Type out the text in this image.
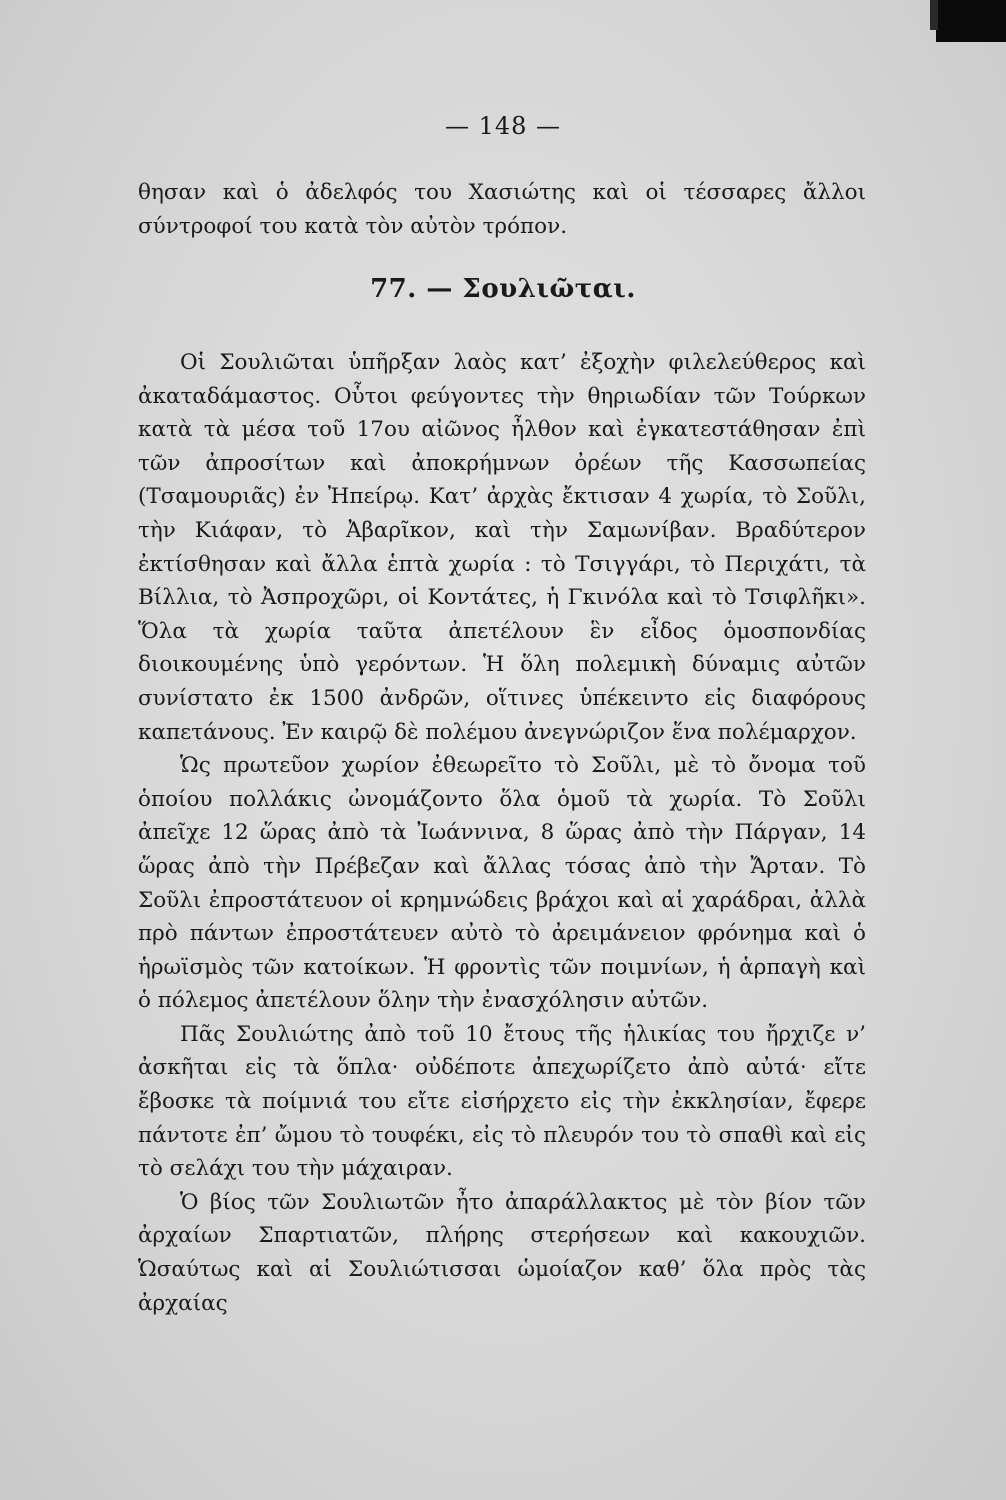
— 148 —

θησαν καὶ ὁ ἀδελφός του Χασιώτης καὶ οἱ τέσσαρες ἄλλοι σύντροφοί του κατὰ τὸν αὐτὸν τρόπον.

77. — Σουλιῶται.

Οἱ Σουλιῶται ὑπῆρξαν λαὸς κατ’ ἐξοχὴν φιλελεύθερος καὶ ἀκαταδάμαστος. Οὗτοι φεύγοντες τὴν θηριωδίαν τῶν Τούρκων κατὰ τὰ μέσα τοῦ 17ου αἰῶνος ἦλθον καὶ ἐγκατεστάθησαν ἐπὶ τῶν ἀπροσίτων καὶ ἀποκρήμνων ὀρέων τῆς Κασσωπείας (Τσαμουριᾶς) ἐν Ἠπείρῳ. Κατ’ ἀρχὰς ἔκτισαν 4 χωρία, τὸ Σοῦλι, τὴν Κιάφαν, τὸ Ἀβαρῖκον, καὶ τὴν Σαμωνίβαν. Βραδύτερον ἐκτίσθησαν καὶ ἄλλα ἑπτὰ χωρία : τὸ Τσιγγάρι, τὸ Περιχάτι, τὰ Βίλλια, τὸ Ἀσπροχῶρι, οἱ Κοντάτες, ἡ Γκινόλα καὶ τὸ Τσιφλῆκι». Ὅλα τὰ χωρία ταῦτα ἀπετέλουν ἓν εἶδος ὁμοσπονδίας διοικουμένης ὑπὸ γερόντων. Ἡ ὅλη πολεμικὴ δύναμις αὐτῶν συνίστατο ἐκ 1500 ἀνδρῶν, οἵτινες ὑπέκειντο εἰς διαφόρους καπετάνους. Ἐν καιρῷ δὲ πολέμου ἀνεγνώριζον ἕνα πολέμαρχον.

Ὡς πρωτεῦον χωρίον ἐθεωρεῖτο τὸ Σοῦλι, μὲ τὸ ὄνομα τοῦ ὁποίου πολλάκις ὠνομάζοντο ὅλα ὁμοῦ τὰ χωρία. Τὸ Σοῦλι ἀπεῖχε 12 ὥρας ἀπὸ τὰ Ἰωάννινα, 8 ὥρας ἀπὸ τὴν Πάργαν, 14 ὥρας ἀπὸ τὴν Πρέβεζαν καὶ ἄλλας τόσας ἀπὸ τὴν Ἄρταν. Τὸ Σοῦλι ἐπροστάτευον οἱ κρημνώδεις βράχοι καὶ αἱ χαράδραι, ἀλλὰ πρὸ πάντων ἐπροστάτευεν αὐτὸ τὸ ἀρειμάνειον φρόνημα καὶ ὁ ἡρωϊσμὸς τῶν κατοίκων. Ἡ φροντὶς τῶν ποιμνίων, ἡ ἁρπαγὴ καὶ ὁ πόλεμος ἀπετέλουν ὅλην τὴν ἐνασχόλησιν αὐτῶν.

Πᾶς Σουλιώτης ἀπὸ τοῦ 10 ἔτους τῆς ἡλικίας του ἤρχιζε ν’ ἀσκῆται εἰς τὰ ὅπλα· οὐδέποτε ἀπεχωρίζετο ἀπὸ αὐτά· εἴτε ἔβοσκε τὰ ποίμνιά του εἴτε εἰσήρχετο εἰς τὴν ἐκκλησίαν, ἔφερε πάντοτε ἐπ’ ὤμου τὸ τουφέκι, εἰς τὸ πλευρόν του τὸ σπαθὶ καὶ εἰς τὸ σελάχι του τὴν μάχαιραν.

Ὁ βίος τῶν Σουλιωτῶν ἦτο ἀπαράλλακτος μὲ τὸν βίον τῶν ἀρχαίων Σπαρτιατῶν, πλήρης στερήσεων καὶ κακουχιῶν. Ὡσαύτως καὶ αἱ Σουλιώτισσαι ὡμοίαζον καθ’ ὅλα πρὸς τὰς ἀρχαίας
